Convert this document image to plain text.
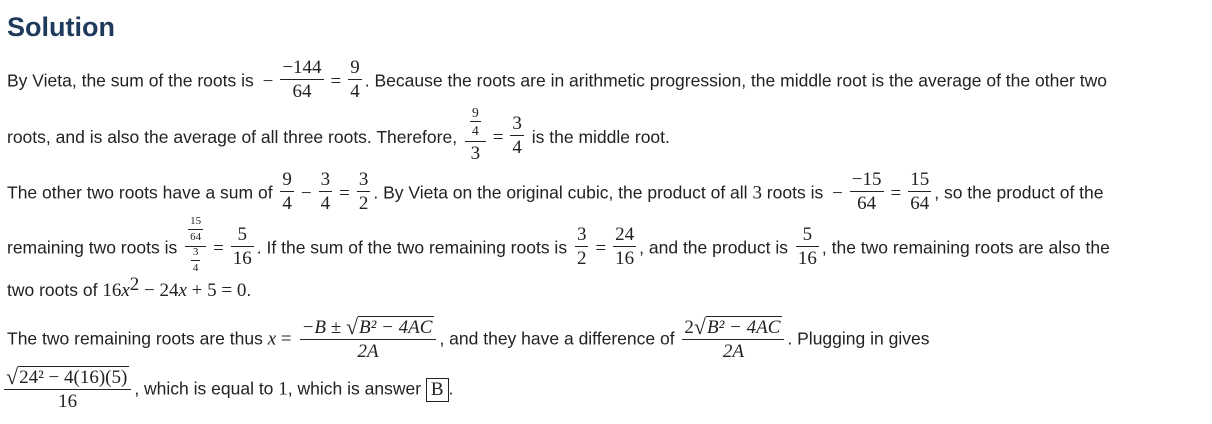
Solution
By Vieta, the sum of the roots is − $\frac{-144}{64} = \frac{9}{4}$ . Because the roots are in arithmetic progression, the middle root is the average of the other two
roots, and is also the average of all three roots. Therefore, $\frac{\frac{9}{4}}{3} = \frac{3}{4}$ is the middle root.
The other two roots have a sum of $\frac{9}{4} - \frac{3}{4} = \frac{3}{2}$ . By Vieta on the original cubic, the product of all 3 roots is − $\frac{-15}{64} = \frac{15}{64}$ , so the product of the
remaining two roots is $\frac{\frac{15}{64}}{\frac{3}{4}} = \frac{5}{16}$ . If the sum of the two remaining roots is $\frac{3}{2} = \frac{24}{16}$ , and the product is $\frac{5}{16}$ , the two remaining roots are also the
two roots of $16x^2 - 24x + 5 = 0$.
The two remaining roots are thus $x = \frac{\text{−B ± √B² − 4AC}}{2A}$ , and they have a difference of $\frac{\text{2√B² − 4AC}}{2A}$ . Plugging in gives
$\frac{\text{√24² − 4(16)(5)}}{16}$ , which is equal to 1, which is answer B .
